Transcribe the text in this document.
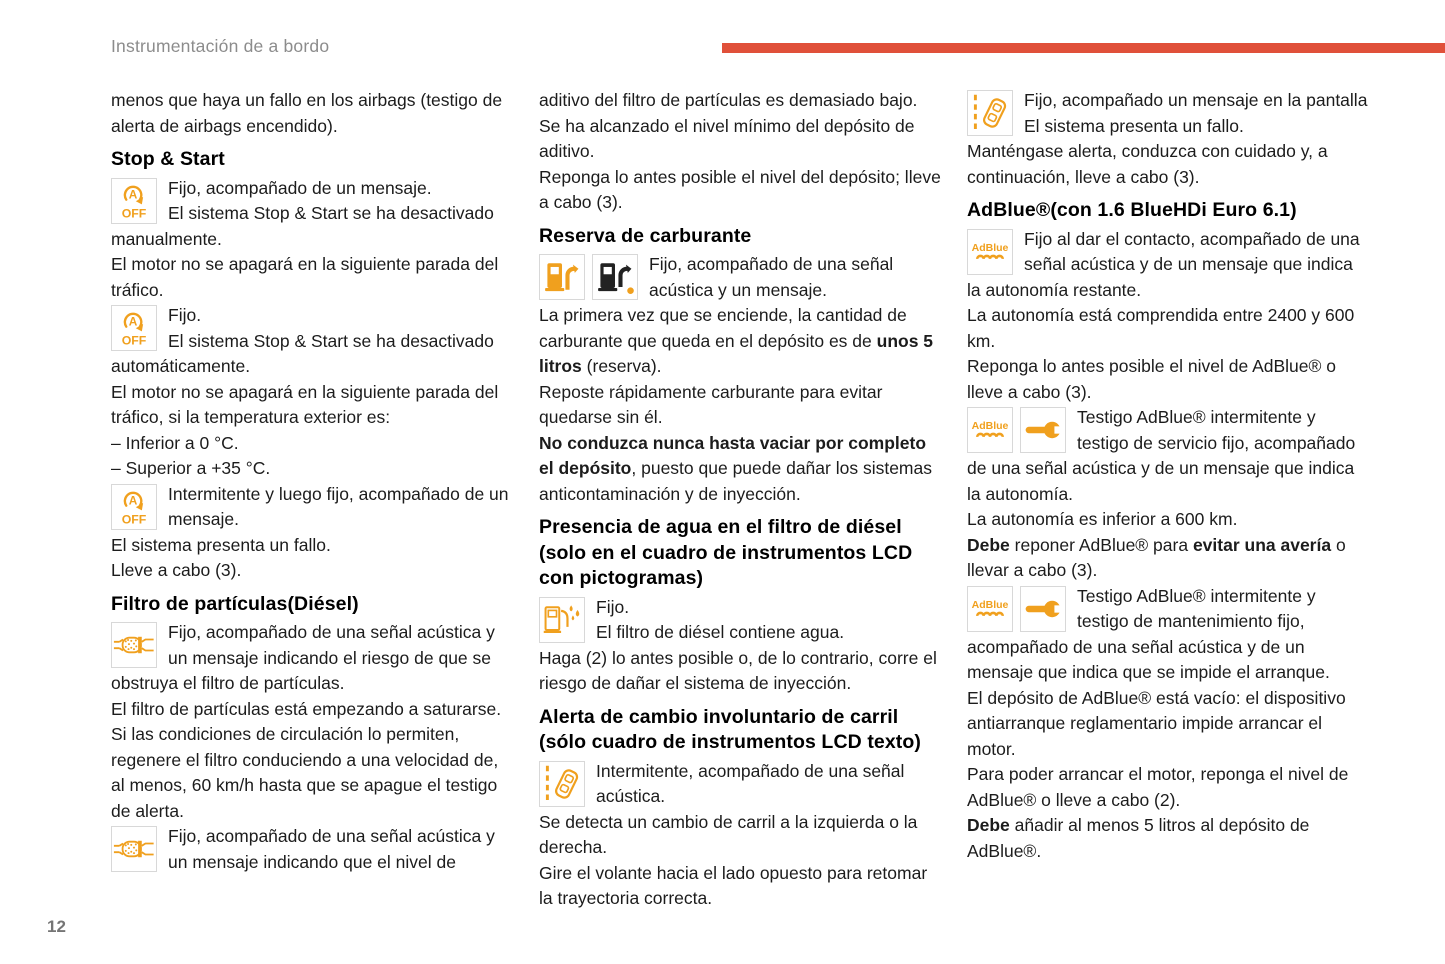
Instrumentación de a bordo

menos que haya un fallo en los airbags (testigo de alerta de airbags encendido).

Stop & Start
A
OFF
Fijo, acompañado de un mensaje.
El sistema Stop & Start se ha desactivado manualmente.

El motor no se apagará en la siguiente parada del tráfico.

A
OFF
Fijo.
El sistema Stop & Start se ha desactivado automáticamente.

El motor no se apagará en la siguiente parada del tráfico, si la temperatura exterior es:

– Inferior a 0 °C.

– Superior a +35 °C.

A
OFF
Intermitente y luego fijo, acompañado de un mensaje.

El sistema presenta un fallo.

Lleve a cabo (3).

Filtro de partículas(Diésel)
Fijo, acompañado de una señal acústica y un mensaje indicando el riesgo de que se obstruya el filtro de partículas.

El filtro de partículas está empezando a saturarse.

Si las condiciones de circulación lo permiten, regenere el filtro conduciendo a una velocidad de, al menos, 60 km/h hasta que se apague el testigo de alerta.

Fijo, acompañado de una señal acústica y un mensaje indicando que el nivel de

aditivo del filtro de partículas es demasiado bajo. Se ha alcanzado el nivel mínimo del depósito de aditivo.

Reponga lo antes posible el nivel del depósito; lleve a cabo (3).

Reserva de carburante
Fijo, acompañado de una señal acústica y un mensaje.

La primera vez que se enciende, la cantidad de carburante que queda en el depósito es de unos 5 litros (reserva).

Reposte rápidamente carburante para evitar quedarse sin él.

No conduzca nunca hasta vaciar por completo el depósito, puesto que puede dañar los sistemas anticontaminación y de inyección.

Presencia de agua en el filtro de diésel (solo en el cuadro de instrumentos LCD con pictogramas)
Fijo.
El filtro de diésel contiene agua.

Haga (2) lo antes posible o, de lo contrario, corre el riesgo de dañar el sistema de inyección.

Alerta de cambio involuntario de carril (sólo cuadro de instrumentos LCD texto)
Intermitente, acompañado de una señal acústica.

Se detecta un cambio de carril a la izquierda o la derecha.

Gire el volante hacia el lado opuesto para retomar la trayectoria correcta.

Fijo, acompañado un mensaje en la pantalla

El sistema presenta un fallo.

Manténgase alerta, conduzca con cuidado y, a continuación, lleve a cabo (3).

AdBlue®(con 1.6 BlueHDi Euro 6.1)
AdBlue Fijo al dar el contacto, acompañado de una señal acústica y de un mensaje que indica la autonomía restante.

La autonomía está comprendida entre 2400 y 600 km.

Reponga lo antes posible el nivel de AdBlue® o lleve a cabo (3).

AdBlue	Testigo AdBlue® intermitente y testigo de servicio fijo, acompañado de una señal acústica y de un mensaje que indica la autonomía.

La autonomía es inferior a 600 km.

Debe reponer AdBlue® para evitar una avería o llevar a cabo (3).

AdBlue	Testigo AdBlue® intermitente y testigo de mantenimiento fijo, acompañado de una señal acústica y de un mensaje que indica que se impide el arranque.

El depósito de AdBlue® está vacío: el dispositivo antiarranque reglamentario impide arrancar el motor.

Para poder arrancar el motor, reponga el nivel de AdBlue® o lleve a cabo (2).

Debe añadir al menos 5 litros al depósito de AdBlue®.

12
